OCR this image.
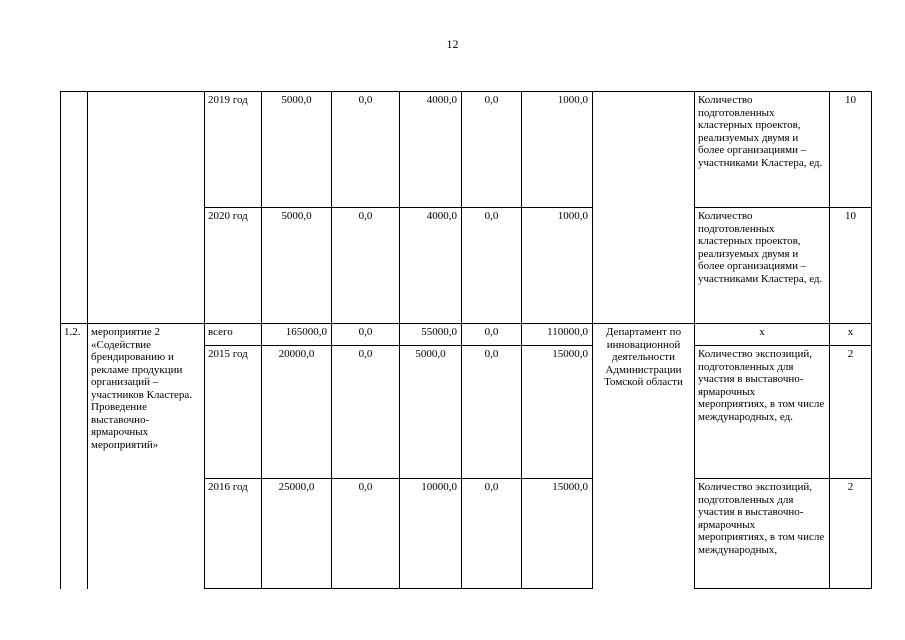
12
		2019 год	5000,0	0,0	4000,0	0,0	1000,0		Количество подготовленных кластерных проектов, реализуемых двумя и более организациями – участниками Кластера, ед.	10
		2020 год	5000,0	0,0	4000,0	0,0	1000,0		Количество подготовленных кластерных проектов, реализуемых двумя и более организациями – участниками Кластера, ед.	10
1.2.	мероприятие 2 «Содействие брендированию и рекламе продукции организаций – участников Кластера. Проведение выставочно-ярмарочных мероприятий»	всего	165000,0	0,0	55000,0	0,0	110000,0	Департамент по инновационной деятельности Администрации Томской области	х	х
		2015 год	20000,0	0,0	5000,0	0,0	15000,0		Количество экспозиций, подготовленных для участия в выставочно-ярмарочных мероприятиях, в том числе международных, ед.	2
		2016 год	25000,0	0,0	10000,0	0,0	15000,0		Количество экспозиций, подготовленных для участия в выставочно-ярмарочных мероприятиях, в том числе международных,	2
